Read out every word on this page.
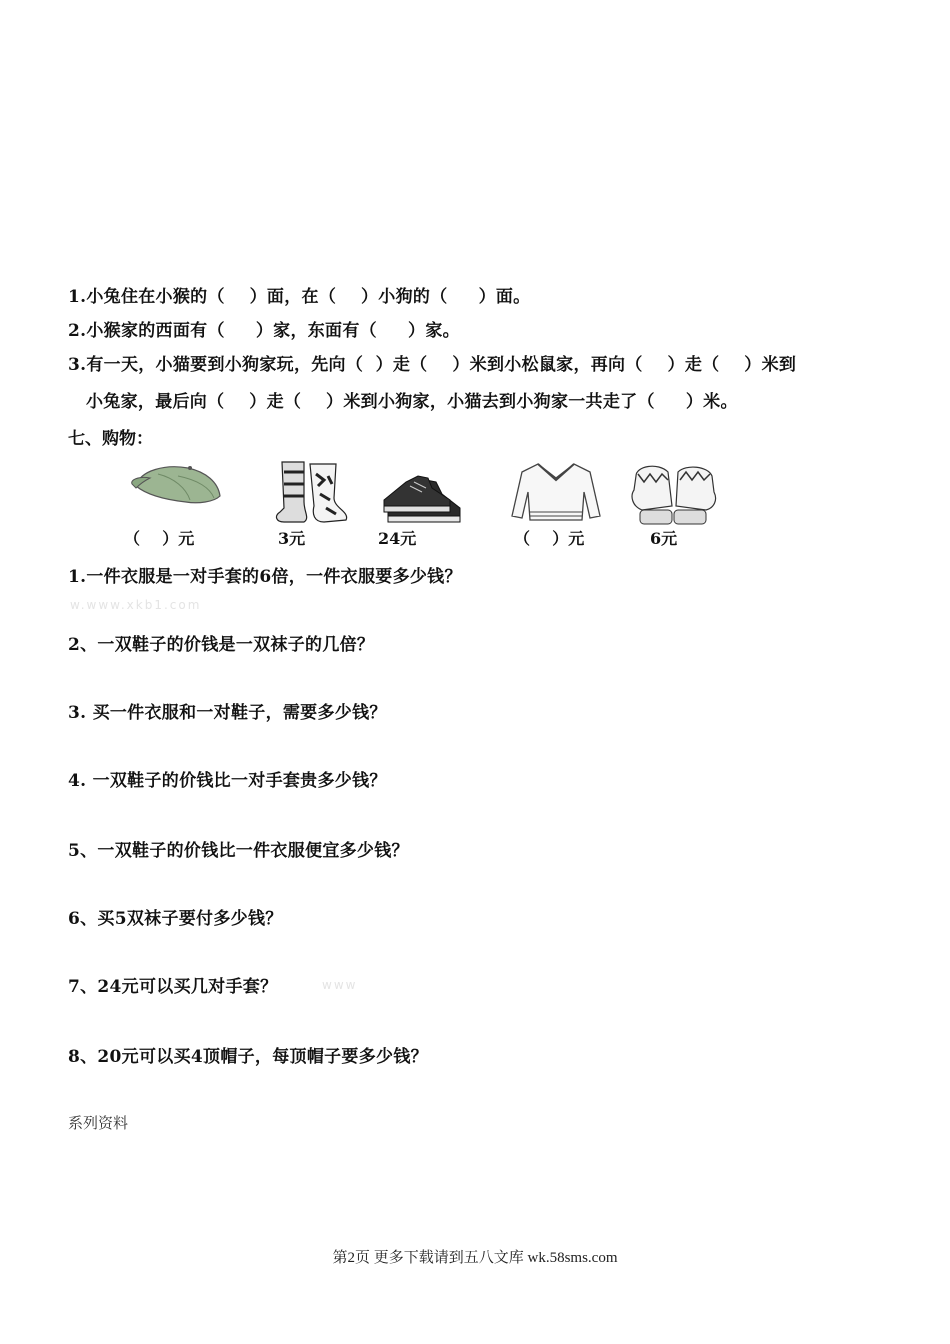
1.小兔住在小猴的（    ）面，在（    ）小狗的（     ）面。
2.小猴家的西面有（     ）家，东面有（     ）家。
3.有一天，小猫要到小狗家玩，先向（  ）走（    ）米到小松鼠家，再向（    ）走（    ）米到
小兔家，最后向（    ）走（    ）米到小狗家，小猫去到小狗家一共走了（     ）米。
七、购物：
（    ）元	3元	24元	（    ）元	6元
1.一件衣服是一对手套的6倍，一件衣服要多少钱？
w.www.xkb1.com
2、一双鞋子的价钱是一双袜子的几倍？
3. 买一件衣服和一对鞋子，需要多少钱？
4. 一双鞋子的价钱比一对手套贵多少钱？
5、一双鞋子的价钱比一件衣服便宜多少钱？
6、买5双袜子要付多少钱？
7、24元可以买几对手套？	www
8、20元可以买4顶帽子，每顶帽子要多少钱？
系列资料
第2页 更多下载请到五八文库 wk.58sms.com
